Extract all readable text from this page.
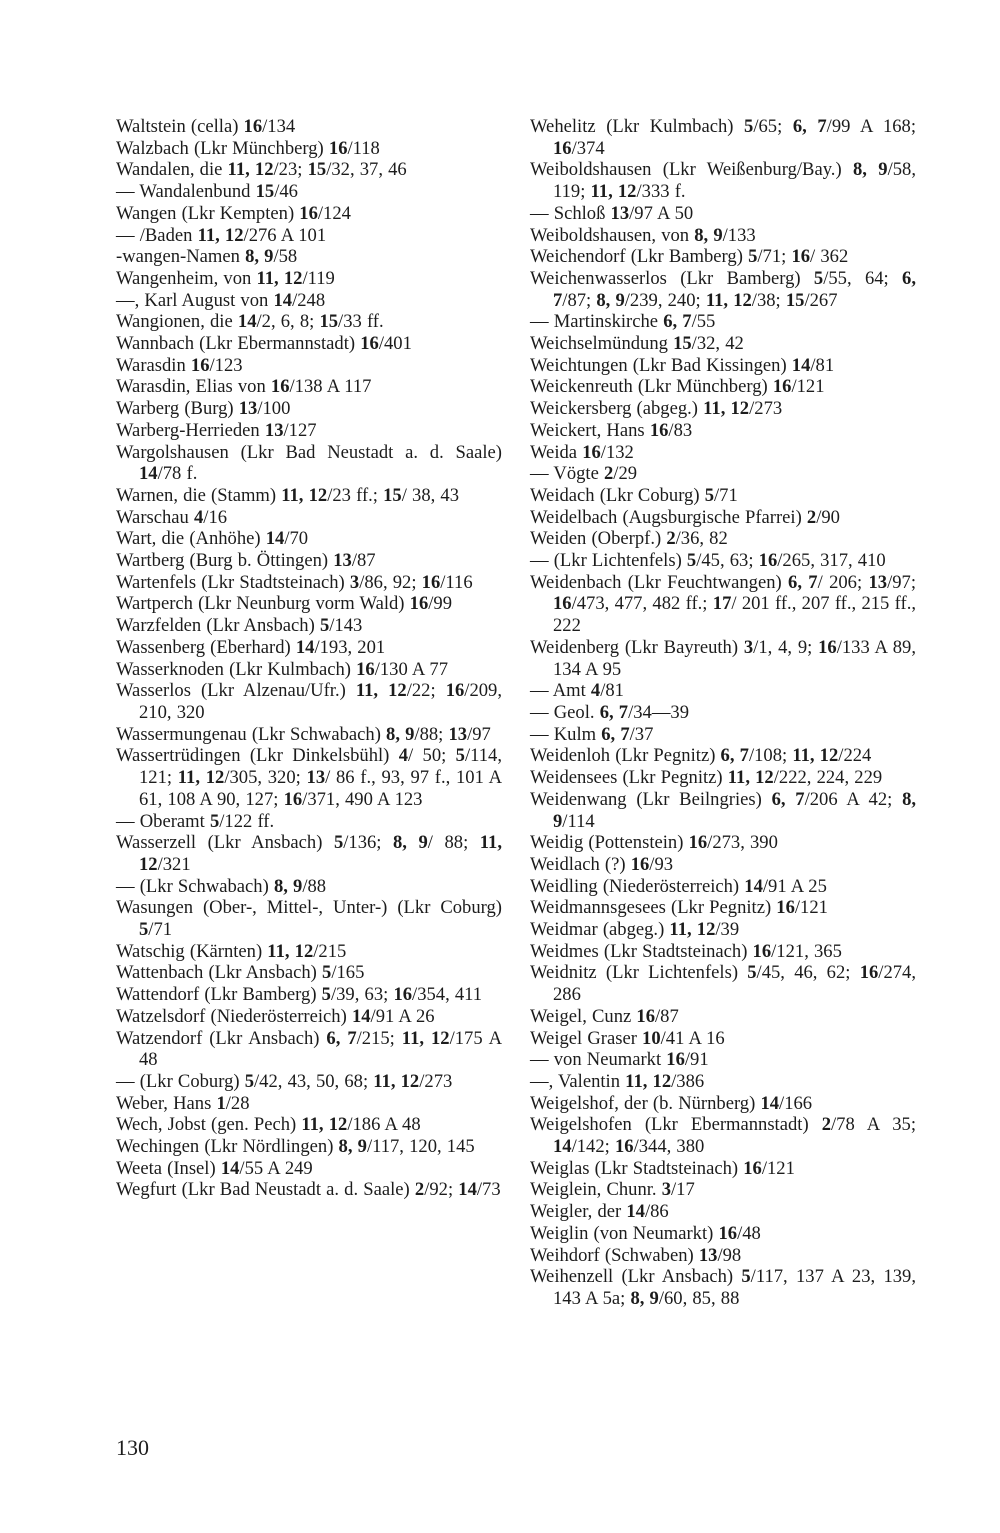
Waltstein (cella) 16/134
Walzbach (Lkr Münchberg) 16/118
Wandalen, die 11, 12/23; 15/32, 37, 46
— Wandalenbund 15/46
Wangen (Lkr Kempten) 16/124
— /Baden 11, 12/276 A 101
-wangen-Namen 8, 9/58
Wangenheim, von 11, 12/119
—, Karl August von 14/248
Wangionen, die 14/2, 6, 8; 15/33 ff.
Wannbach (Lkr Ebermannstadt) 16/401
Warasdin 16/123
Warasdin, Elias von 16/138 A 117
Warberg (Burg) 13/100
Warberg-Herrieden 13/127
Wargolshausen (Lkr Bad Neustadt a. d. Saale) 14/78 f.
Warnen, die (Stamm) 11, 12/23 ff.; 15/ 38, 43
Warschau 4/16
Wart, die (Anhöhe) 14/70
Wartberg (Burg b. Öttingen) 13/87
Wartenfels (Lkr Stadtsteinach) 3/86, 92; 16/116
Wartperch (Lkr Neunburg vorm Wald) 16/99
Warzfelden (Lkr Ansbach) 5/143
Wassenberg (Eberhard) 14/193, 201
Wasserknoden (Lkr Kulmbach) 16/130 A 77
Wasserlos (Lkr Alzenau/Ufr.) 11, 12/22; 16/209, 210, 320
Wassermungenau (Lkr Schwabach) 8, 9/88; 13/97
Wassertrüdingen (Lkr Dinkelsbühl) 4/ 50; 5/114, 121; 11, 12/305, 320; 13/ 86 f., 93, 97 f., 101 A 61, 108 A 90, 127; 16/371, 490 A 123
— Oberamt 5/122 ff.
Wasserzell (Lkr Ansbach) 5/136; 8, 9/ 88; 11, 12/321
— (Lkr Schwabach) 8, 9/88
Wasungen (Ober-, Mittel-, Unter-) (Lkr Coburg) 5/71
Watschig (Kärnten) 11, 12/215
Wattenbach (Lkr Ansbach) 5/165
Wattendorf (Lkr Bamberg) 5/39, 63; 16/354, 411
Watzelsdorf (Niederösterreich) 14/91 A 26
Watzendorf (Lkr Ansbach) 6, 7/215; 11, 12/175 A 48
— (Lkr Coburg) 5/42, 43, 50, 68; 11, 12/273
Weber, Hans 1/28
Wech, Jobst (gen. Pech) 11, 12/186 A 48
Wechingen (Lkr Nördlingen) 8, 9/117, 120, 145
Weeta (Insel) 14/55 A 249
Wegfurt (Lkr Bad Neustadt a. d. Saale) 2/92; 14/73
Wehelitz (Lkr Kulmbach) 5/65; 6, 7/99 A 168; 16/374
Weiboldshausen (Lkr Weißenburg/Bay.) 8, 9/58, 119; 11, 12/333 f.
— Schloß 13/97 A 50
Weiboldshausen, von 8, 9/133
Weichendorf (Lkr Bamberg) 5/71; 16/ 362
Weichenwasserlos (Lkr Bamberg) 5/55, 64; 6, 7/87; 8, 9/239, 240; 11, 12/38; 15/267
— Martinskirche 6, 7/55
Weichselmündung 15/32, 42
Weichtungen (Lkr Bad Kissingen) 14/81
Weickenreuth (Lkr Münchberg) 16/121
Weickersberg (abgeg.) 11, 12/273
Weickert, Hans 16/83
Weida 16/132
— Vögte 2/29
Weidach (Lkr Coburg) 5/71
Weidelbach (Augsburgische Pfarrei) 2/90
Weiden (Oberpf.) 2/36, 82
— (Lkr Lichtenfels) 5/45, 63; 16/265, 317, 410
Weidenbach (Lkr Feuchtwangen) 6, 7/ 206; 13/97; 16/473, 477, 482 ff.; 17/ 201 ff., 207 ff., 215 ff., 222
Weidenberg (Lkr Bayreuth) 3/1, 4, 9; 16/133 A 89, 134 A 95
— Amt 4/81
— Geol. 6, 7/34—39
— Kulm 6, 7/37
Weidenloh (Lkr Pegnitz) 6, 7/108; 11, 12/224
Weidensees (Lkr Pegnitz) 11, 12/222, 224, 229
Weidenwang (Lkr Beilngries) 6, 7/206 A 42; 8, 9/114
Weidig (Pottenstein) 16/273, 390
Weidlach (?) 16/93
Weidling (Niederösterreich) 14/91 A 25
Weidmannsgesees (Lkr Pegnitz) 16/121
Weidmar (abgeg.) 11, 12/39
Weidmes (Lkr Stadtsteinach) 16/121, 365
Weidnitz (Lkr Lichtenfels) 5/45, 46, 62; 16/274, 286
Weigel, Cunz 16/87
Weigel Graser 10/41 A 16
— von Neumarkt 16/91
—, Valentin 11, 12/386
Weigelshof, der (b. Nürnberg) 14/166
Weigelshofen (Lkr Ebermannstadt) 2/78 A 35; 14/142; 16/344, 380
Weiglas (Lkr Stadtsteinach) 16/121
Weiglein, Chunr. 3/17
Weigler, der 14/86
Weiglin (von Neumarkt) 16/48
Weihdorf (Schwaben) 13/98
Weihenzell (Lkr Ansbach) 5/117, 137 A 23, 139, 143 A 5a; 8, 9/60, 85, 88
130
